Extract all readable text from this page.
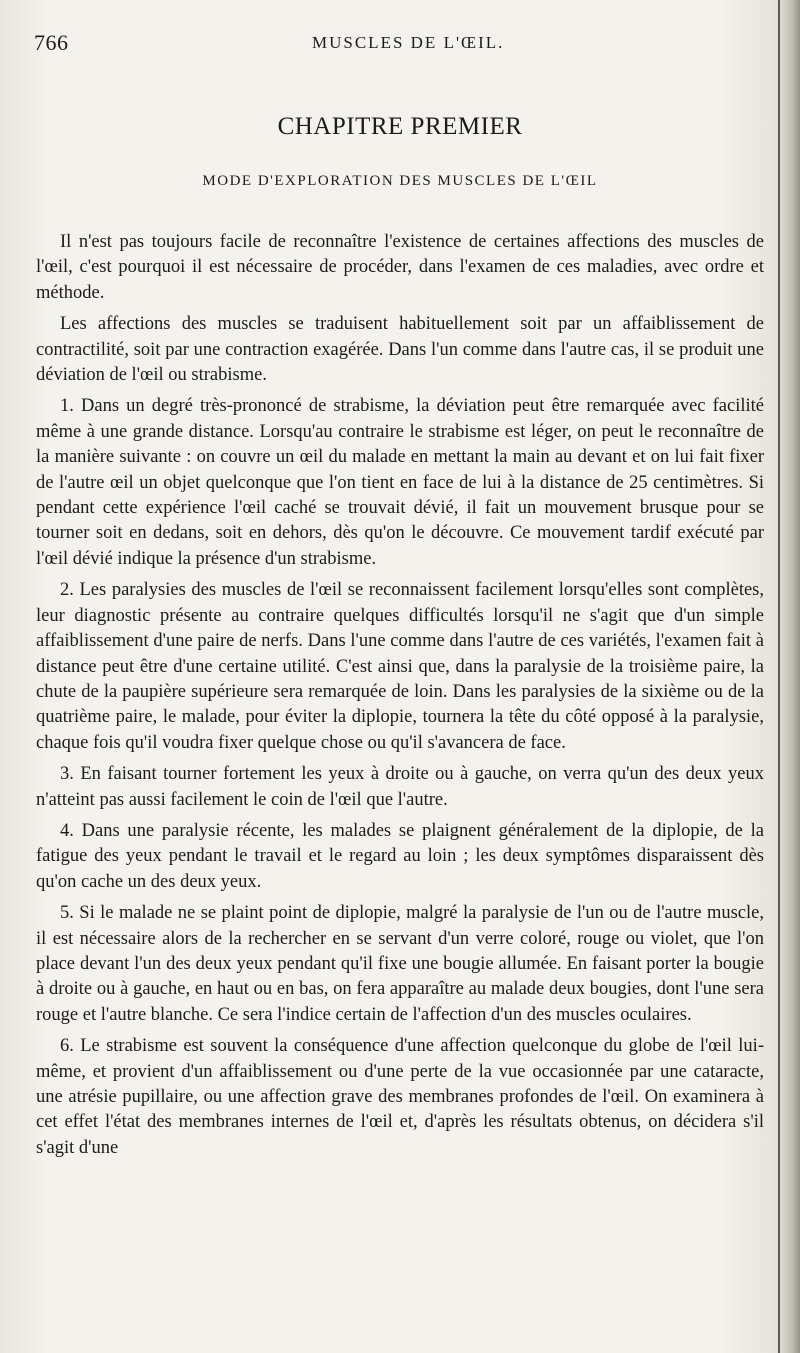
766	MUSCLES DE L'ŒIL.
CHAPITRE PREMIER
MODE D'EXPLORATION DES MUSCLES DE L'ŒIL

Il n'est pas toujours facile de reconnaître l'existence de certaines affections des muscles de l'œil, c'est pourquoi il est nécessaire de procéder, dans l'examen de ces maladies, avec ordre et méthode.

Les affections des muscles se traduisent habituellement soit par un affaiblissement de contractilité, soit par une contraction exagérée. Dans l'un comme dans l'autre cas, il se produit une déviation de l'œil ou strabisme.

1. Dans un degré très-prononcé de strabisme, la déviation peut être remarquée avec facilité même à une grande distance. Lorsqu'au contraire le strabisme est léger, on peut le reconnaître de la manière suivante : on couvre un œil du malade en mettant la main au devant et on lui fait fixer de l'autre œil un objet quelconque que l'on tient en face de lui à la distance de 25 centimètres. Si pendant cette expérience l'œil caché se trouvait dévié, il fait un mouvement brusque pour se tourner soit en dedans, soit en dehors, dès qu'on le découvre. Ce mouvement tardif exécuté par l'œil dévié indique la présence d'un strabisme.

2. Les paralysies des muscles de l'œil se reconnaissent facilement lorsqu'elles sont complètes, leur diagnostic présente au contraire quelques difficultés lorsqu'il ne s'agit que d'un simple affaiblissement d'une paire de nerfs. Dans l'une comme dans l'autre de ces variétés, l'examen fait à distance peut être d'une certaine utilité. C'est ainsi que, dans la paralysie de la troisième paire, la chute de la paupière supérieure sera remarquée de loin. Dans les paralysies de la sixième ou de la quatrième paire, le malade, pour éviter la diplopie, tournera la tête du côté opposé à la paralysie, chaque fois qu'il voudra fixer quelque chose ou qu'il s'avancera de face.

3. En faisant tourner fortement les yeux à droite ou à gauche, on verra qu'un des deux yeux n'atteint pas aussi facilement le coin de l'œil que l'autre.

4. Dans une paralysie récente, les malades se plaignent généralement de la diplopie, de la fatigue des yeux pendant le travail et le regard au loin ; les deux symptômes disparaissent dès qu'on cache un des deux yeux.

5. Si le malade ne se plaint point de diplopie, malgré la paralysie de l'un ou de l'autre muscle, il est nécessaire alors de la rechercher en se servant d'un verre coloré, rouge ou violet, que l'on place devant l'un des deux yeux pendant qu'il fixe une bougie allumée. En faisant porter la bougie à droite ou à gauche, en haut ou en bas, on fera apparaître au malade deux bougies, dont l'une sera rouge et l'autre blanche. Ce sera l'indice certain de l'affection d'un des muscles oculaires.

6. Le strabisme est souvent la conséquence d'une affection quelconque du globe de l'œil lui-même, et provient d'un affaiblissement ou d'une perte de la vue occasionnée par une cataracte, une atrésie pupillaire, ou une affection grave des membranes profondes de l'œil. On examinera à cet effet l'état des membranes internes de l'œil et, d'après les résultats obtenus, on décidera s'il s'agit d'une
